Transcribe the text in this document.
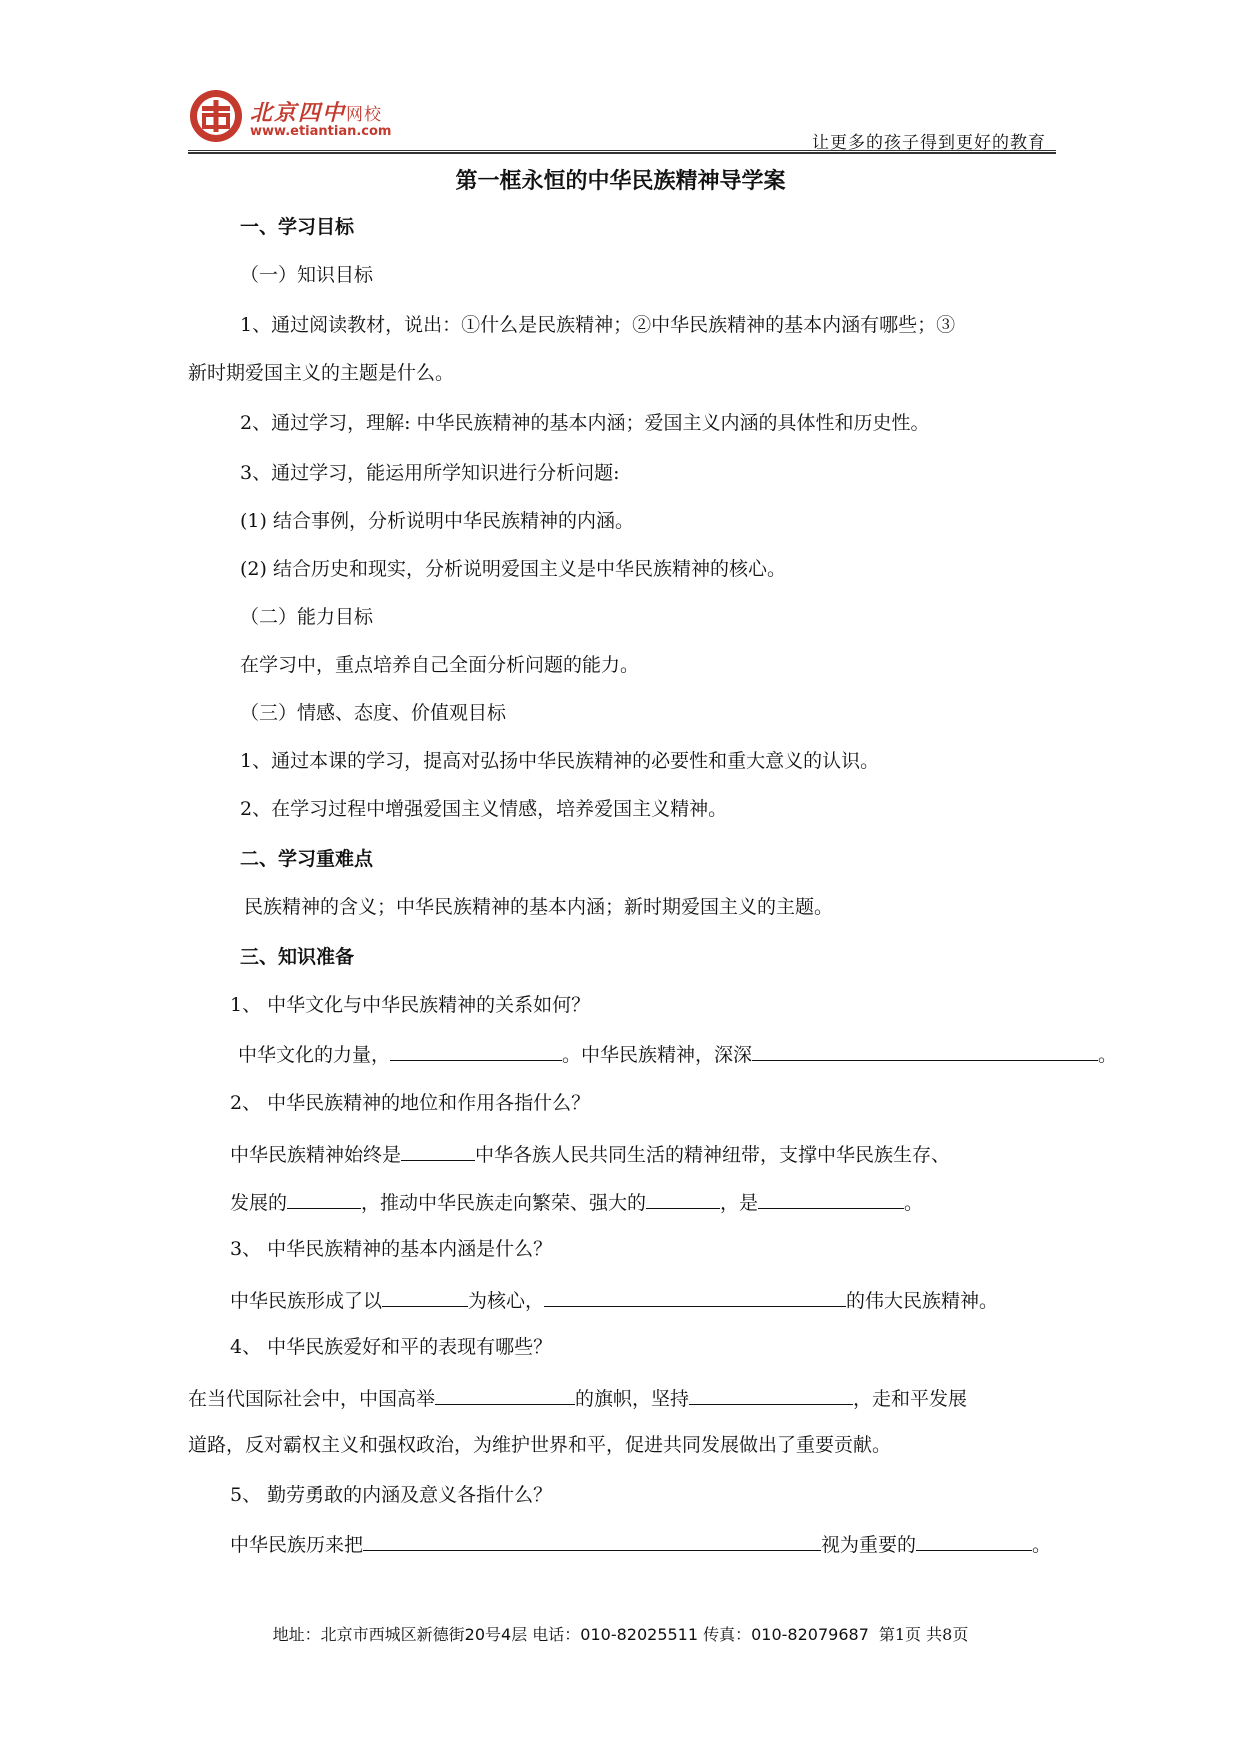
北京四中网校
www.etiantian.com
让更多的孩子得到更好的教育
第一框永恒的中华民族精神导学案
一、学习目标
（一）知识目标
1、通过阅读教材，说出：①什么是民族精神；②中华民族精神的基本内涵有哪些；③
新时期爱国主义的主题是什么。
2、通过学习，理解: 中华民族精神的基本内涵；爱国主义内涵的具体性和历史性。
3、通过学习，能运用所学知识进行分析问题:
(1) 结合事例，分析说明中华民族精神的内涵。
(2) 结合历史和现实，分析说明爱国主义是中华民族精神的核心。
（二）能力目标
在学习中，重点培养自己全面分析问题的能力。
（三）情感、态度、价值观目标
1、通过本课的学习，提高对弘扬中华民族精神的必要性和重大意义的认识。
2、在学习过程中增强爱国主义情感，培养爱国主义精神。
二、学习重难点
民族精神的含义；中华民族精神的基本内涵；新时期爱国主义的主题。
三、知识准备
1、 中华文化与中华民族精神的关系如何？
中华文化的力量，	。中华民族精神，深深	。
2、 中华民族精神的地位和作用各指什么？
中华民族精神始终是	中华各族人民共同生活的精神纽带，支撑中华民族生存、
发展的	，推动中华民族走向繁荣、强大的	，是	。
3、 中华民族精神的基本内涵是什么？
中华民族形成了以	为核心，	的伟大民族精神。
4、 中华民族爱好和平的表现有哪些？
在当代国际社会中，中国高举	的旗帜，坚持	，走和平发展
道路，反对霸权主义和强权政治，为维护世界和平，促进共同发展做出了重要贡献。
5、 勤劳勇敢的内涵及意义各指什么？
中华民族历来把	视为重要的	。
地址：北京市西城区新德街20号4层 电话：010-82025511 传真：010-82079687 第1页 共8页
